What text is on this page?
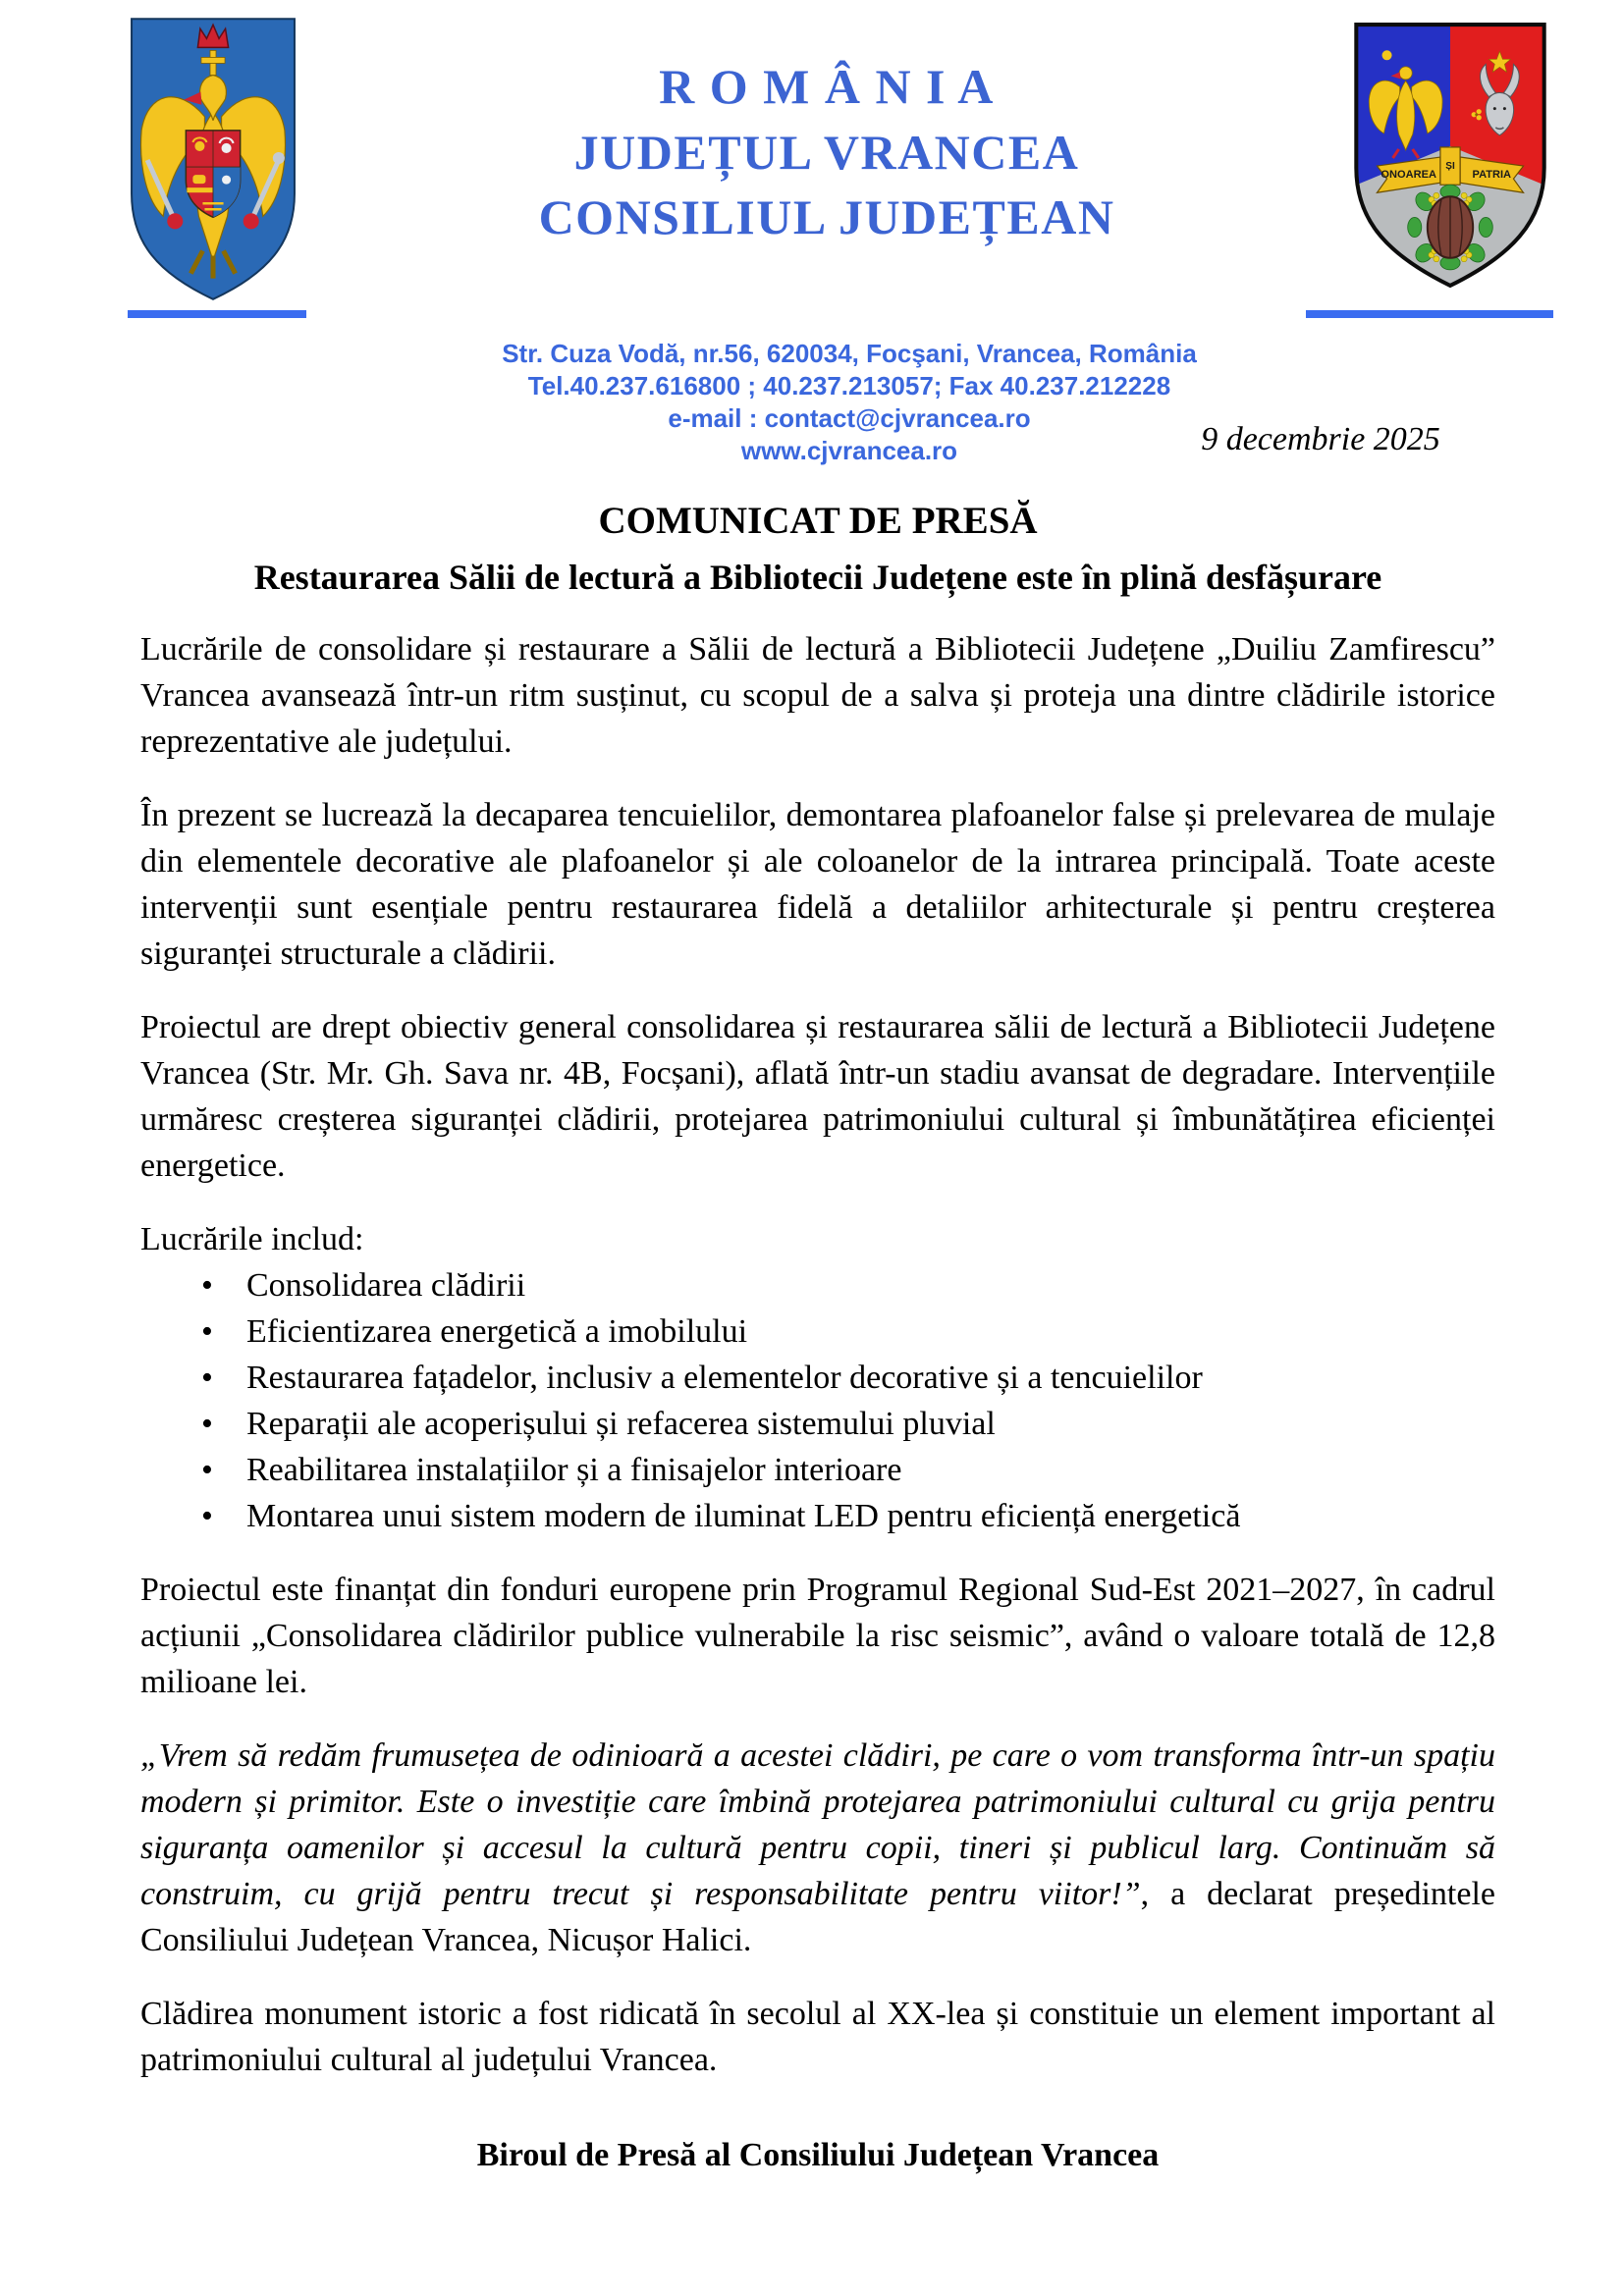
ONOAREA
ȘI
PATRIA
R O M Â N I A
JUDEȚUL VRANCEA
CONSILIUL JUDEȚEAN
Str. Cuza Vodă, nr.56, 620034, Focşani, Vrancea, România
Tel.40.237.616800 ; 40.237.213057; Fax 40.237.212228
e-mail : contact@cjvrancea.ro
www.cjvrancea.ro	9 decembrie 2025
COMUNICAT DE PRESĂ
Restaurarea Sălii de lectură a Bibliotecii Județene este în plină desfășurare

Lucrările de consolidare și restaurare a Sălii de lectură a Bibliotecii Județene „Duiliu Zamfirescu” Vrancea avansează într-un ritm susținut, cu scopul de a salva și proteja una dintre clădirile istorice reprezentative ale județului.

În prezent se lucrează la decaparea tencuielilor, demontarea plafoanelor false și prelevarea de mulaje din elementele decorative ale plafoanelor și ale coloanelor de la intrarea principală. Toate aceste intervenții sunt esențiale pentru restaurarea fidelă a detaliilor arhitecturale și pentru creșterea siguranței structurale a clădirii.

Proiectul are drept obiectiv general consolidarea și restaurarea sălii de lectură a Bibliotecii Județene Vrancea (Str. Mr. Gh. Sava nr. 4B, Focșani), aflată într-un stadiu avansat de degradare. Intervențiile urmăresc creșterea siguranței clădirii, protejarea patrimoniului cultural și îmbunătățirea eficienței energetice.

Lucrările includ:

• Consolidarea clădirii
• Eficientizarea energetică a imobilului
• Restaurarea fațadelor, inclusiv a elementelor decorative și a tencuielilor
• Reparații ale acoperișului și refacerea sistemului pluvial
• Reabilitarea instalațiilor și a finisajelor interioare
• Montarea unui sistem modern de iluminat LED pentru eficiență energetică

Proiectul este finanțat din fonduri europene prin Programul Regional Sud-Est 2021–2027, în cadrul acțiunii „Consolidarea clădirilor publice vulnerabile la risc seismic”, având o valoare totală de 12,8 milioane lei.

„Vrem să redăm frumusețea de odinioară a acestei clădiri, pe care o vom transforma într-un spațiu modern și primitor. Este o investiție care îmbină protejarea patrimoniului cultural cu grija pentru siguranța oamenilor și accesul la cultură pentru copii, tineri și publicul larg. Continuăm să construim, cu grijă pentru trecut și responsabilitate pentru viitor!”, a declarat președintele Consiliului Județean Vrancea, Nicușor Halici.

Clădirea monument istoric a fost ridicată în secolul al XX-lea și constituie un element important al patrimoniului cultural al județului Vrancea.

Biroul de Presă al Consiliului Județean Vrancea
